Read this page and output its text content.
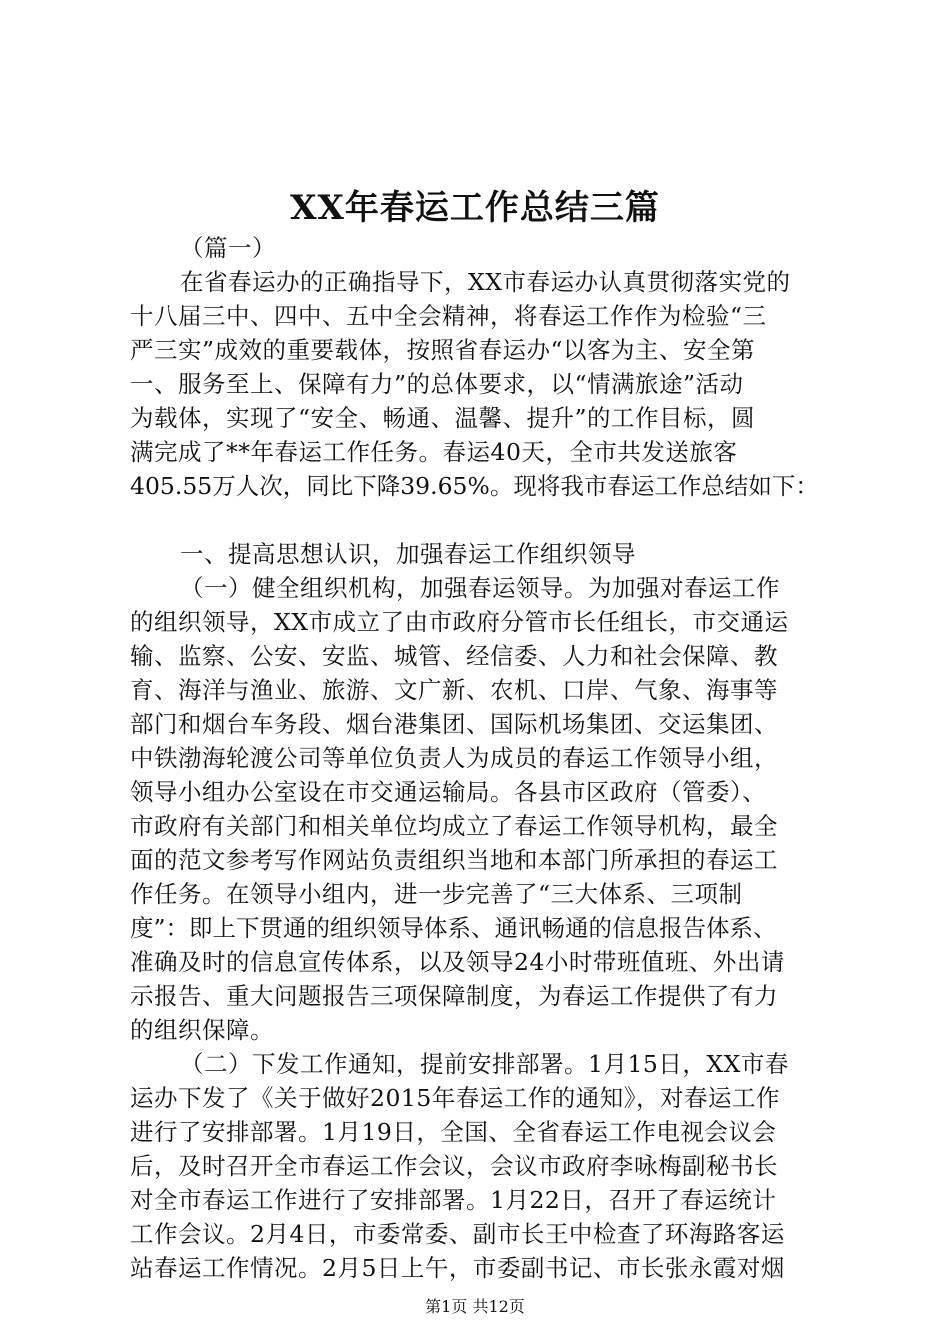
XX年春运工作总结三篇
（篇一）
在省春运办的正确指导下，XX市春运办认真贯彻落实党的
十八届三中、四中、五中全会精神，将春运工作作为检验“三
严三实”成效的重要载体，按照省春运办“以客为主、安全第
一、服务至上、保障有力”的总体要求，以“情满旅途”活动
为载体，实现了“安全、畅通、温馨、提升”的工作目标，圆
满完成了**年春运工作任务。春运40天，全市共发送旅客
405.55万人次，同比下降39.65%。现将我市春运工作总结如下：
一、提高思想认识，加强春运工作组织领导
（一）健全组织机构，加强春运领导。为加强对春运工作
的组织领导，XX市成立了由市政府分管市长任组长，市交通运
输、监察、公安、安监、城管、经信委、人力和社会保障、教
育、海洋与渔业、旅游、文广新、农机、口岸、气象、海事等
部门和烟台车务段、烟台港集团、国际机场集团、交运集团、
中铁渤海轮渡公司等单位负责人为成员的春运工作领导小组，
领导小组办公室设在市交通运输局。各县市区政府（管委）、
市政府有关部门和相关单位均成立了春运工作领导机构，最全
面的范文参考写作网站负责组织当地和本部门所承担的春运工
作任务。在领导小组内，进一步完善了“三大体系、三项制
度”：即上下贯通的组织领导体系、通讯畅通的信息报告体系、
准确及时的信息宣传体系，以及领导24小时带班值班、外出请
示报告、重大问题报告三项保障制度，为春运工作提供了有力
的组织保障。
（二）下发工作通知，提前安排部署。1月15日，XX市春
运办下发了《关于做好2015年春运工作的通知》，对春运工作
进行了安排部署。1月19日，全国、全省春运工作电视会议会
后，及时召开全市春运工作会议，会议市政府李咏梅副秘书长
对全市春运工作进行了安排部署。1月22日，召开了春运统计
工作会议。2月4日，市委常委、副市长王中检查了环海路客运
站春运工作情况。2月5日上午，市委副书记、市长张永霞对烟
第1页 共12页
